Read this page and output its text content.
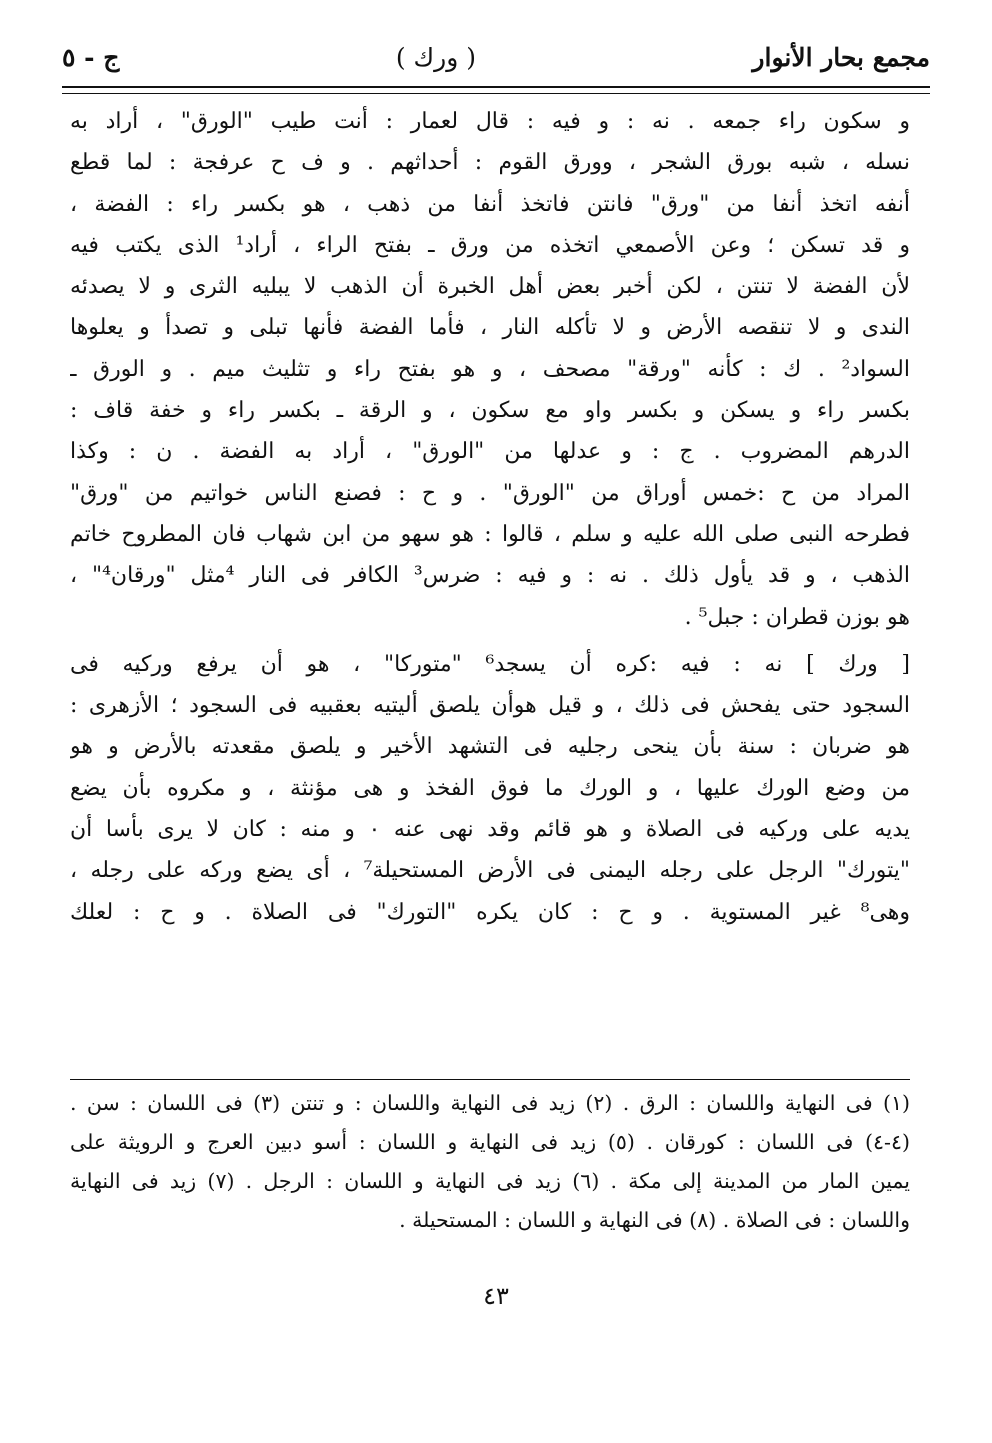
مجمع بحار الأنوار
( ورك )
ج - ٥
و سكون راء جمعه . نه : و فيه : قال لعمار : أنت طيب "الورق" ، أراد به
نسله ، شبه بورق الشجر ، وورق القوم : أحداثهم . و ف ح عرفجة : لما قطع
أنفه اتخذ أنفا من "ورق" فانتن فاتخذ أنفا من ذهب ، هو بكسر راء : الفضة ،
و قد تسكن ؛ وعن الأصمعي اتخذه من ورق ـ بفتح الراء ، أراد¹ الذى يكتب فيه
لأن الفضة لا تنتن ، لكن أخبر بعض أهل الخبرة أن الذهب لا يبليه الثرى و لا يصدئه
الندى و لا تنقصه الأرض و لا تأكله النار ، فأما الفضة فأنها تبلى و تصدأ و يعلوها
السواد² . ك : كأنه "ورقة" مصحف ، و هو بفتح راء و تثليث ميم . و الورق ـ
بكسر راء و يسكن و بكسر واو مع سكون ، و الرقة ـ بكسر راء و خفة قاف :
الدرهم المضروب . ج : و عدلها من "الورق" ، أراد به الفضة . ن : وكذا
المراد من ح :خمس أوراق من "الورق" . و ح : فصنع الناس خواتيم من "ورق"
فطرحه النبى صلى الله عليه و سلم ، قالوا : هو سهو من ابن شهاب فان المطروح خاتم
الذهب ، و قد يأول ذلك . نه : و فيه : ضرس³ الكافر فى النار ⁴مثل "ورقان⁴" ،
هو بوزن قطران : جبل⁵ .
[ ورك ] نه : فيه :كره أن يسجد⁶ "متوركا" ، هو أن يرفع وركيه فى
السجود حتى يفحش فى ذلك ، و قيل هوأن يلصق أليتيه بعقبيه فى السجود ؛ الأزهرى :
هو ضربان : سنة بأن ينحى رجليه فى التشهد الأخير و يلصق مقعدته بالأرض و هو
من وضع الورك عليها ، و الورك ما فوق الفخذ و هى مؤنثة ، و مكروه بأن يضع
يديه على وركيه فى الصلاة و هو قائم وقد نهى عنه ٠ و منه : كان لا يرى بأسا أن
"يتورك" الرجل على رجله اليمنى فى الأرض المستحيلة⁷ ، أى يضع وركه على رجله ،
وهى⁸ غير المستوية . و ح : كان يكره "التورك" فى الصلاة . و ح : لعلك
(١) فى النهاية واللسان : الرق . (٢) زيد فى النهاية واللسان : و تنتن (٣) فى اللسان : سن .
(٤-٤) فى اللسان : كورقان . (٥) زيد فى النهاية و اللسان : أسو دبين العرج و الرويثة على
يمين المار من المدينة إلى مكة . (٦) زيد فى النهاية و اللسان : الرجل . (٧) زيد فى النهاية
واللسان : فى الصلاة . (٨) فى النهاية و اللسان : المستحيلة .
٤٣
